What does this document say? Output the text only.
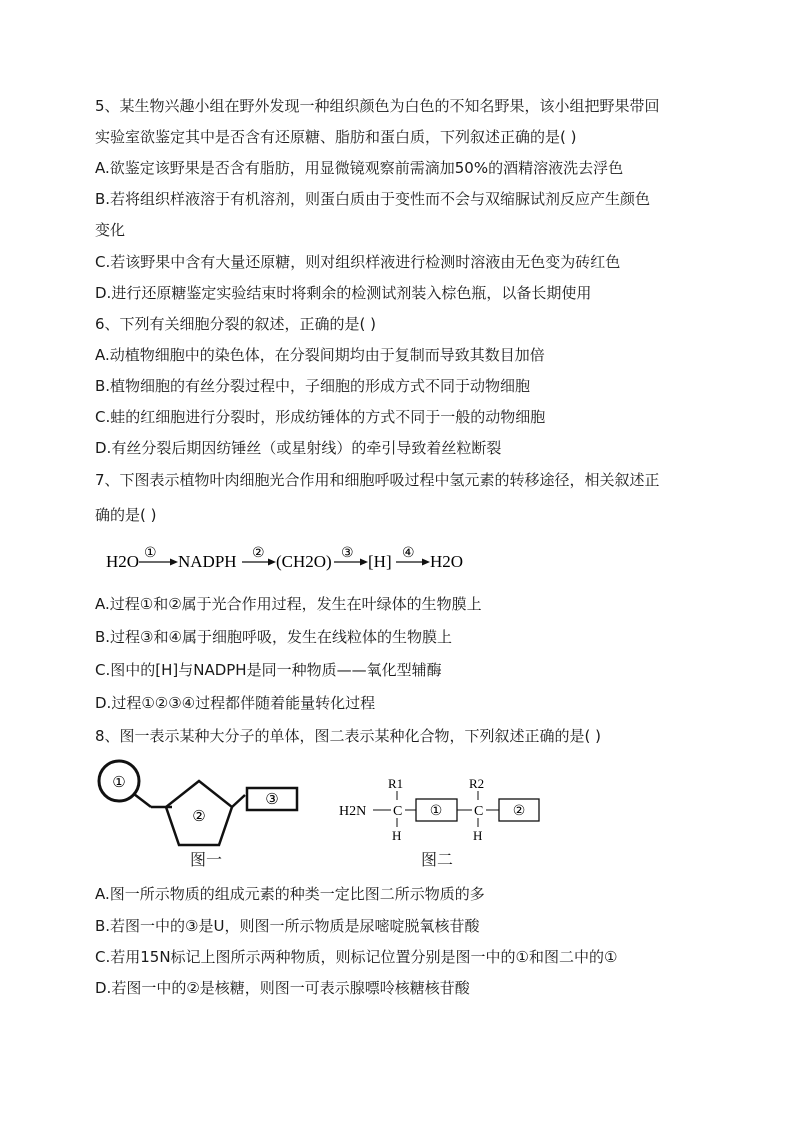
5、某生物兴趣小组在野外发现一种组织颜色为白色的不知名野果，该小组把野果带回
实验室欲鉴定其中是否含有还原糖、脂肪和蛋白质，下列叙述正确的是( )
A.欲鉴定该野果是否含有脂肪，用显微镜观察前需滴加50%的酒精溶液洗去浮色
B.若将组织样液溶于有机溶剂，则蛋白质由于变性而不会与双缩脲试剂反应产生颜色
变化
C.若该野果中含有大量还原糖，则对组织样液进行检测时溶液由无色变为砖红色
D.进行还原糖鉴定实验结束时将剩余的检测试剂装入棕色瓶，以备长期使用
6、下列有关细胞分裂的叙述，正确的是( )
A.动植物细胞中的染色体，在分裂间期均由于复制而导致其数目加倍
B.植物细胞的有丝分裂过程中，子细胞的形成方式不同于动物细胞
C.蛙的红细胞进行分裂时，形成纺锤体的方式不同于一般的动物细胞
D.有丝分裂后期因纺锤丝（或星射线）的牵引导致着丝粒断裂
7、下图表示植物叶肉细胞光合作用和细胞呼吸过程中氢元素的转移途径，相关叙述正
确的是( )
H2O ① NADPH ② (CH2O) ③ [H] ④ H2O
A.过程①和②属于光合作用过程，发生在叶绿体的生物膜上
B.过程③和④属于细胞呼吸，发生在线粒体的生物膜上
C.图中的[H]与NADPH是同一种物质——氧化型辅酶
D.过程①②③④过程都伴随着能量转化过程
8、图一表示某种大分子的单体，图二表示某种化合物，下列叙述正确的是( )
①
②
③
R1
H2N C
H
①
R2
C
H
②
图一	图二
A.图一所示物质的组成元素的种类一定比图二所示物质的多
B.若图一中的③是U，则图一所示物质是尿嘧啶脱氧核苷酸
C.若用15N标记上图所示两种物质，则标记位置分别是图一中的①和图二中的①
D.若图一中的②是核糖，则图一可表示腺嘌呤核糖核苷酸
